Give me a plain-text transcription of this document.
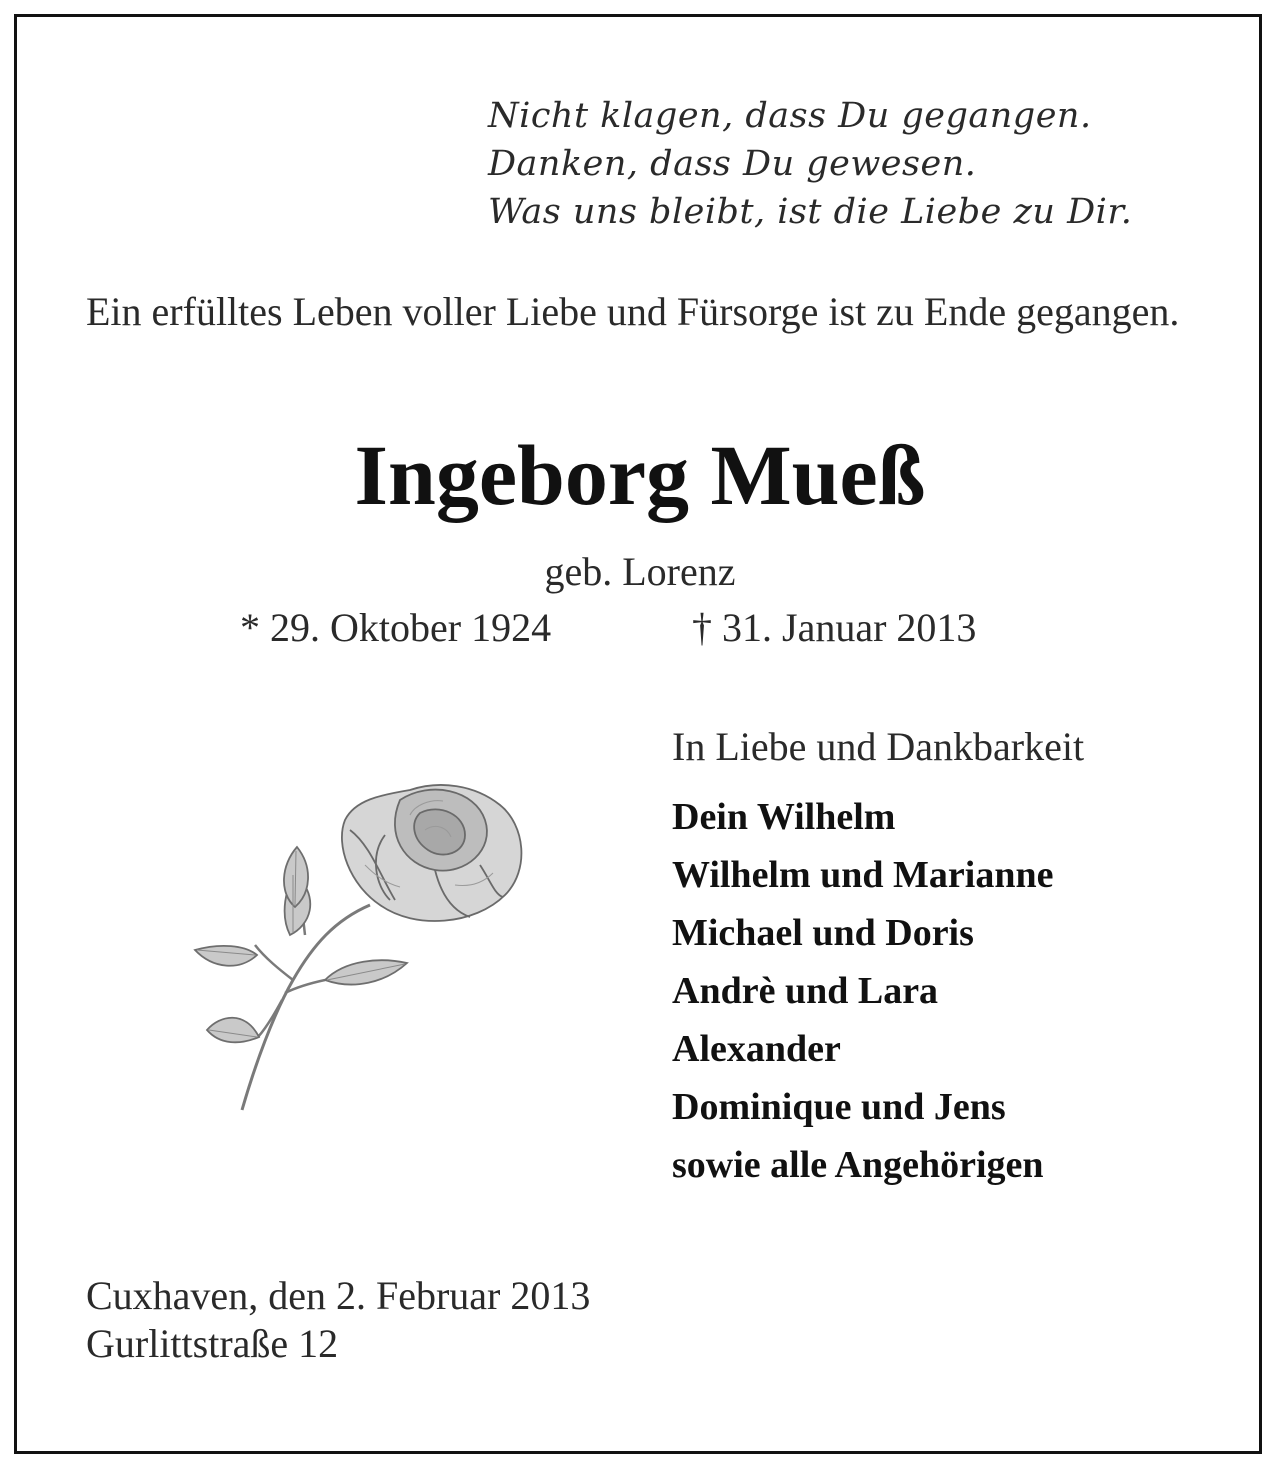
Nicht klagen, dass Du gegangen.
Danken, dass Du gewesen.
Was uns bleibt, ist die Liebe zu Dir.
Ein erfülltes Leben voller Liebe und Fürsorge ist zu Ende gegangen.
Ingeborg Mueß
geb. Lorenz
* 29. Oktober 1924	† 31. Januar 2013
In Liebe und Dankbarkeit
Dein Wilhelm
Wilhelm und Marianne
Michael und Doris
Andrè und Lara
Alexander
Dominique und Jens
sowie alle Angehörigen
Cuxhaven, den 2. Februar 2013
Gurlittstraße 12
